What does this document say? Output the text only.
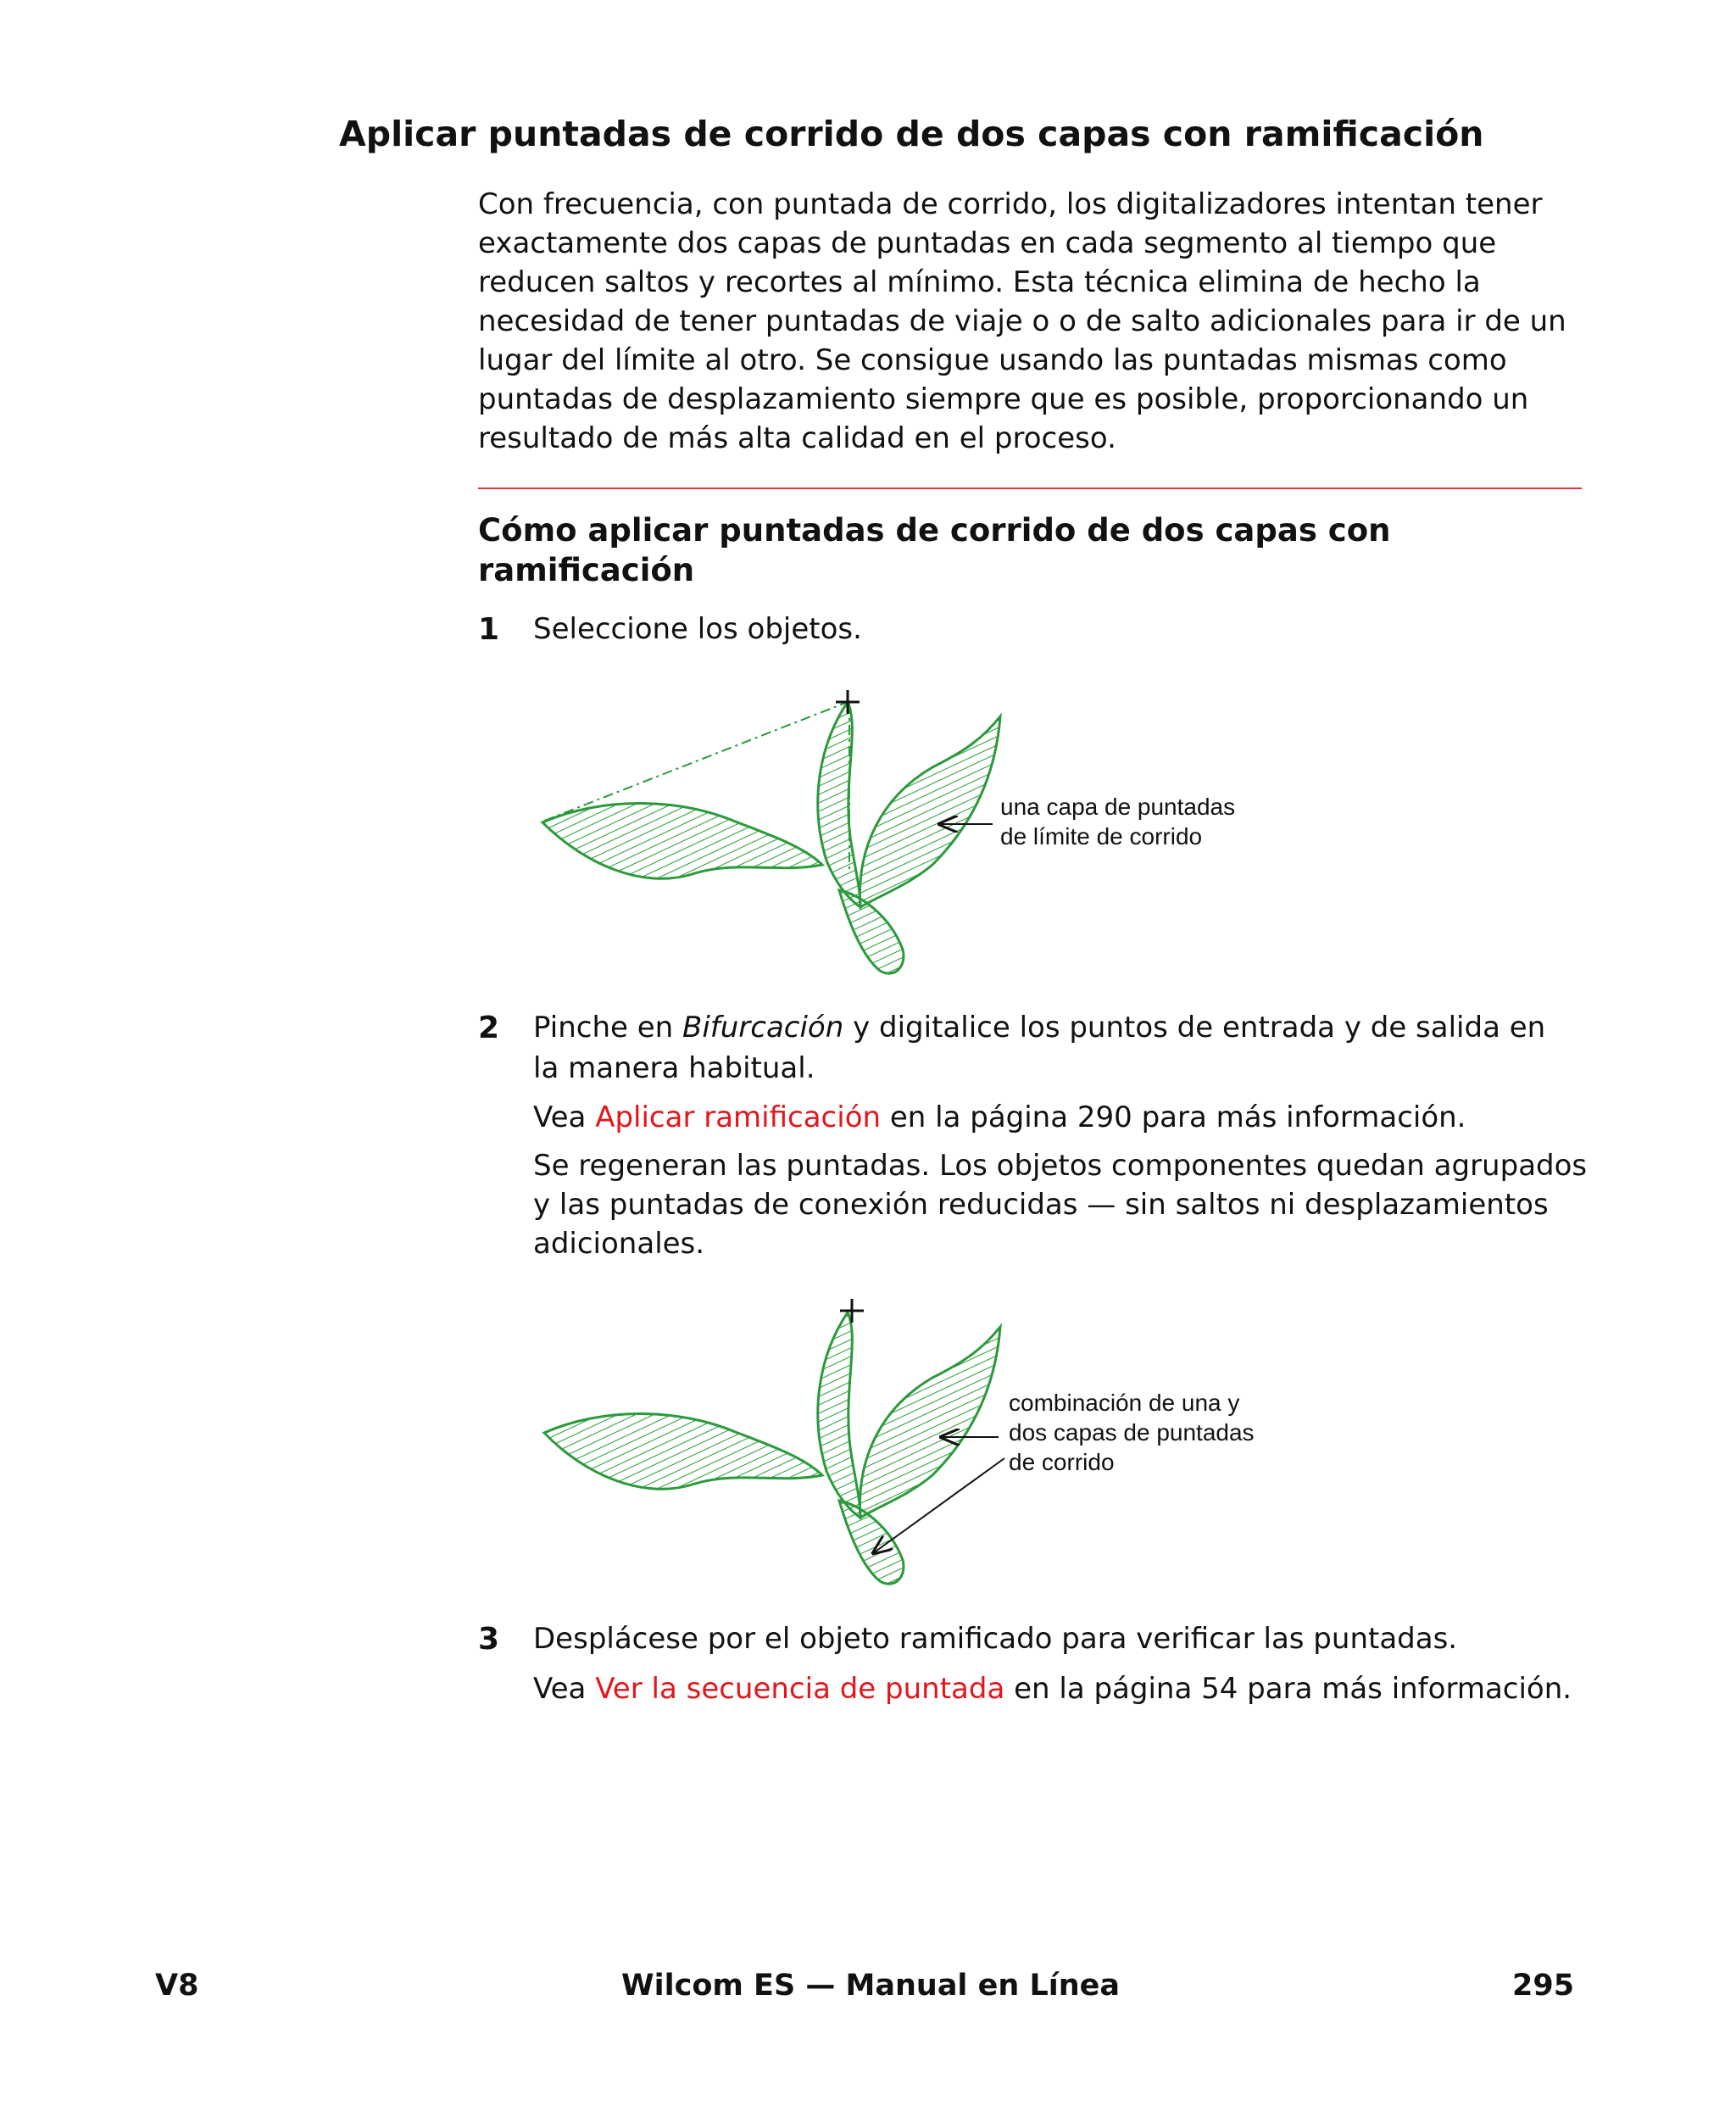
Aplicar puntadas de corrido de dos capas con ramificación
Con frecuencia, con puntada de corrido, los digitalizadores intentan tener
exactamente dos capas de puntadas en cada segmento al tiempo que
reducen saltos y recortes al mínimo. Esta técnica elimina de hecho la
necesidad de tener puntadas de viaje o o de salto adicionales para ir de un
lugar del límite al otro. Se consigue usando las puntadas mismas como
puntadas de desplazamiento siempre que es posible, proporcionando un
resultado de más alta calidad en el proceso.
Cómo aplicar puntadas de corrido de dos capas con ramificación
1 Seleccione los objetos.
una capa de puntadas
de límite de corrido
2 Pinche en Bifurcación y digitalice los puntos de entrada y de salida en
la manera habitual.
Vea Aplicar ramificación en la página 290 para más información.
Se regeneran las puntadas. Los objetos componentes quedan agrupados
y las puntadas de conexión reducidas — sin saltos ni desplazamientos
adicionales.
combinación de una y
dos capas de puntadas
de corrido
3 Desplácese por el objeto ramificado para verificar las puntadas.
Vea Ver la secuencia de puntada en la página 54 para más información.
V8	Wilcom ES — Manual en Línea	295
